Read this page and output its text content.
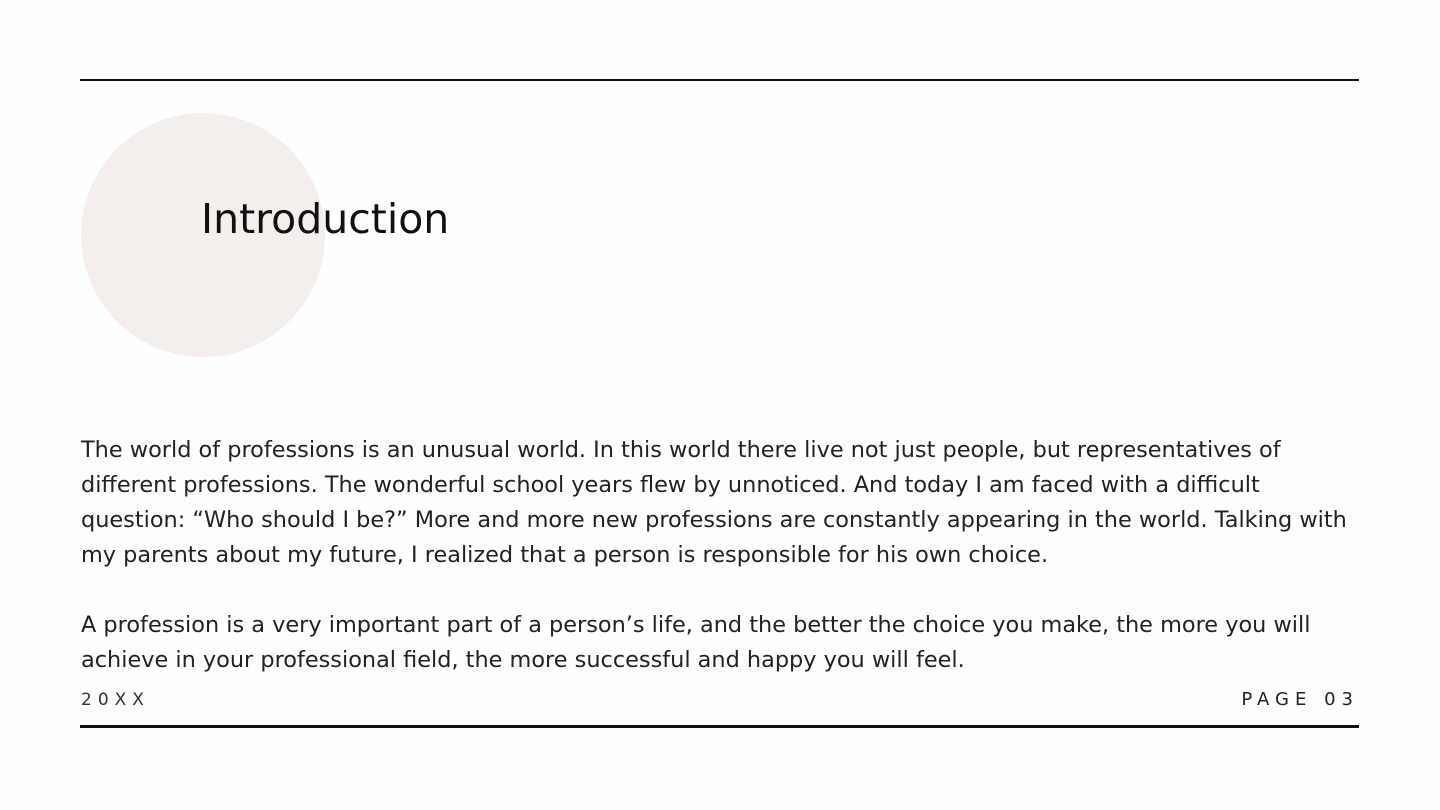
Introduction

The world of professions is an unusual world. In this world there live not just people, but representatives of different professions. The wonderful school years flew by unnoticed. And today I am faced with a difficult question: “Who should I be?” More and more new professions are constantly appearing in the world. Talking with my parents about my future, I realized that a person is responsible for his own choice.

A profession is a very important part of a person’s life, and the better the choice you make, the more you will achieve in your professional field, the more successful and happy you will feel.

20XX	PAGE 03
